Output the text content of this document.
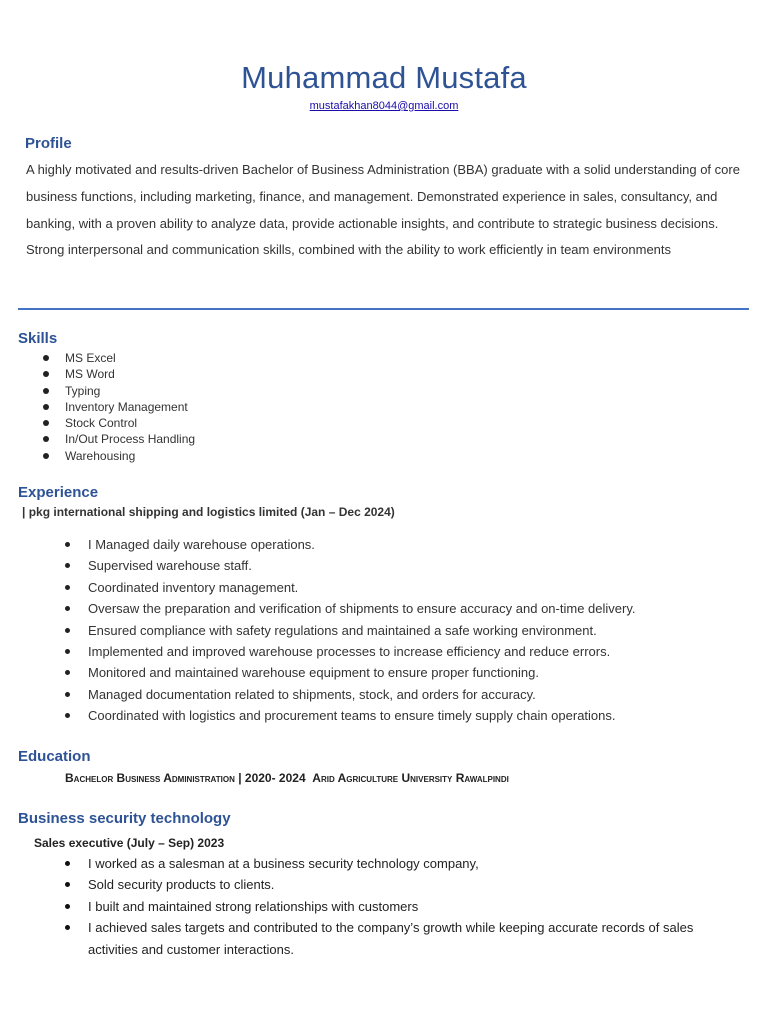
Muhammad Mustafa
mustafakhan8044@gmail.com
Profile

A highly motivated and results-driven Bachelor of Business Administration (BBA) graduate with a solid understanding of core business functions, including marketing, finance, and management. Demonstrated experience in sales, consultancy, and banking, with a proven ability to analyze data, provide actionable insights, and contribute to strategic business decisions. Strong interpersonal and communication skills, combined with the ability to work efficiently in team environments

Skills
MS Excel
MS Word
Typing
Inventory Management
Stock Control
In/Out Process Handling
Warehousing
Experience
| pkg international shipping and logistics limited (Jan – Dec 2024)
I Managed daily warehouse operations.
Supervised warehouse staff.
Coordinated inventory management.
Oversaw the preparation and verification of shipments to ensure accuracy and on-time delivery.
Ensured compliance with safety regulations and maintained a safe working environment.
Implemented and improved warehouse processes to increase efficiency and reduce errors.
Monitored and maintained warehouse equipment to ensure proper functioning.
Managed documentation related to shipments, stock, and orders for accuracy.
Coordinated with logistics and procurement teams to ensure timely supply chain operations.
Education
Bachelor Business Administration | 2020- 2024 Arid Agriculture University Rawalpindi
Business security technology
Sales executive (July – Sep) 2023
I worked as a salesman at a business security technology company,
Sold security products to clients.
I built and maintained strong relationships with customers
I achieved sales targets and contributed to the company’s growth while keeping accurate records of sales activities and customer interactions.
